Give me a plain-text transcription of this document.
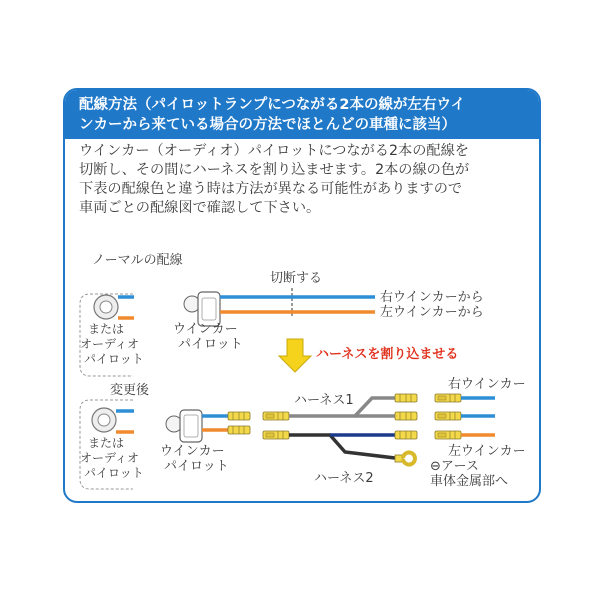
配線方法（パイロットランプにつながる2本の線が左右ウイ
ンカーから来ている場合の方法でほとんどの車種に該当）
ウインカー（オーディオ）パイロットにつながる2本の配線を
切断し、その間にハーネスを割り込ませます。2本の線の色が
下表の配線色と違う時は方法が異なる可能性がありますので
車両ごとの配線図で確認して下さい。
ノーマルの配線
切断する
または オーディオ パイロット
右ウインカーから
左ウインカーから
ウインカー パイロット
ハーネスを割り込ませる
変更後
または オーディオ パイロット
ハーネス1
ハーネス2
右ウインカー
左ウインカー
⊖アース
車体金属部へ
ウインカー パイロット
